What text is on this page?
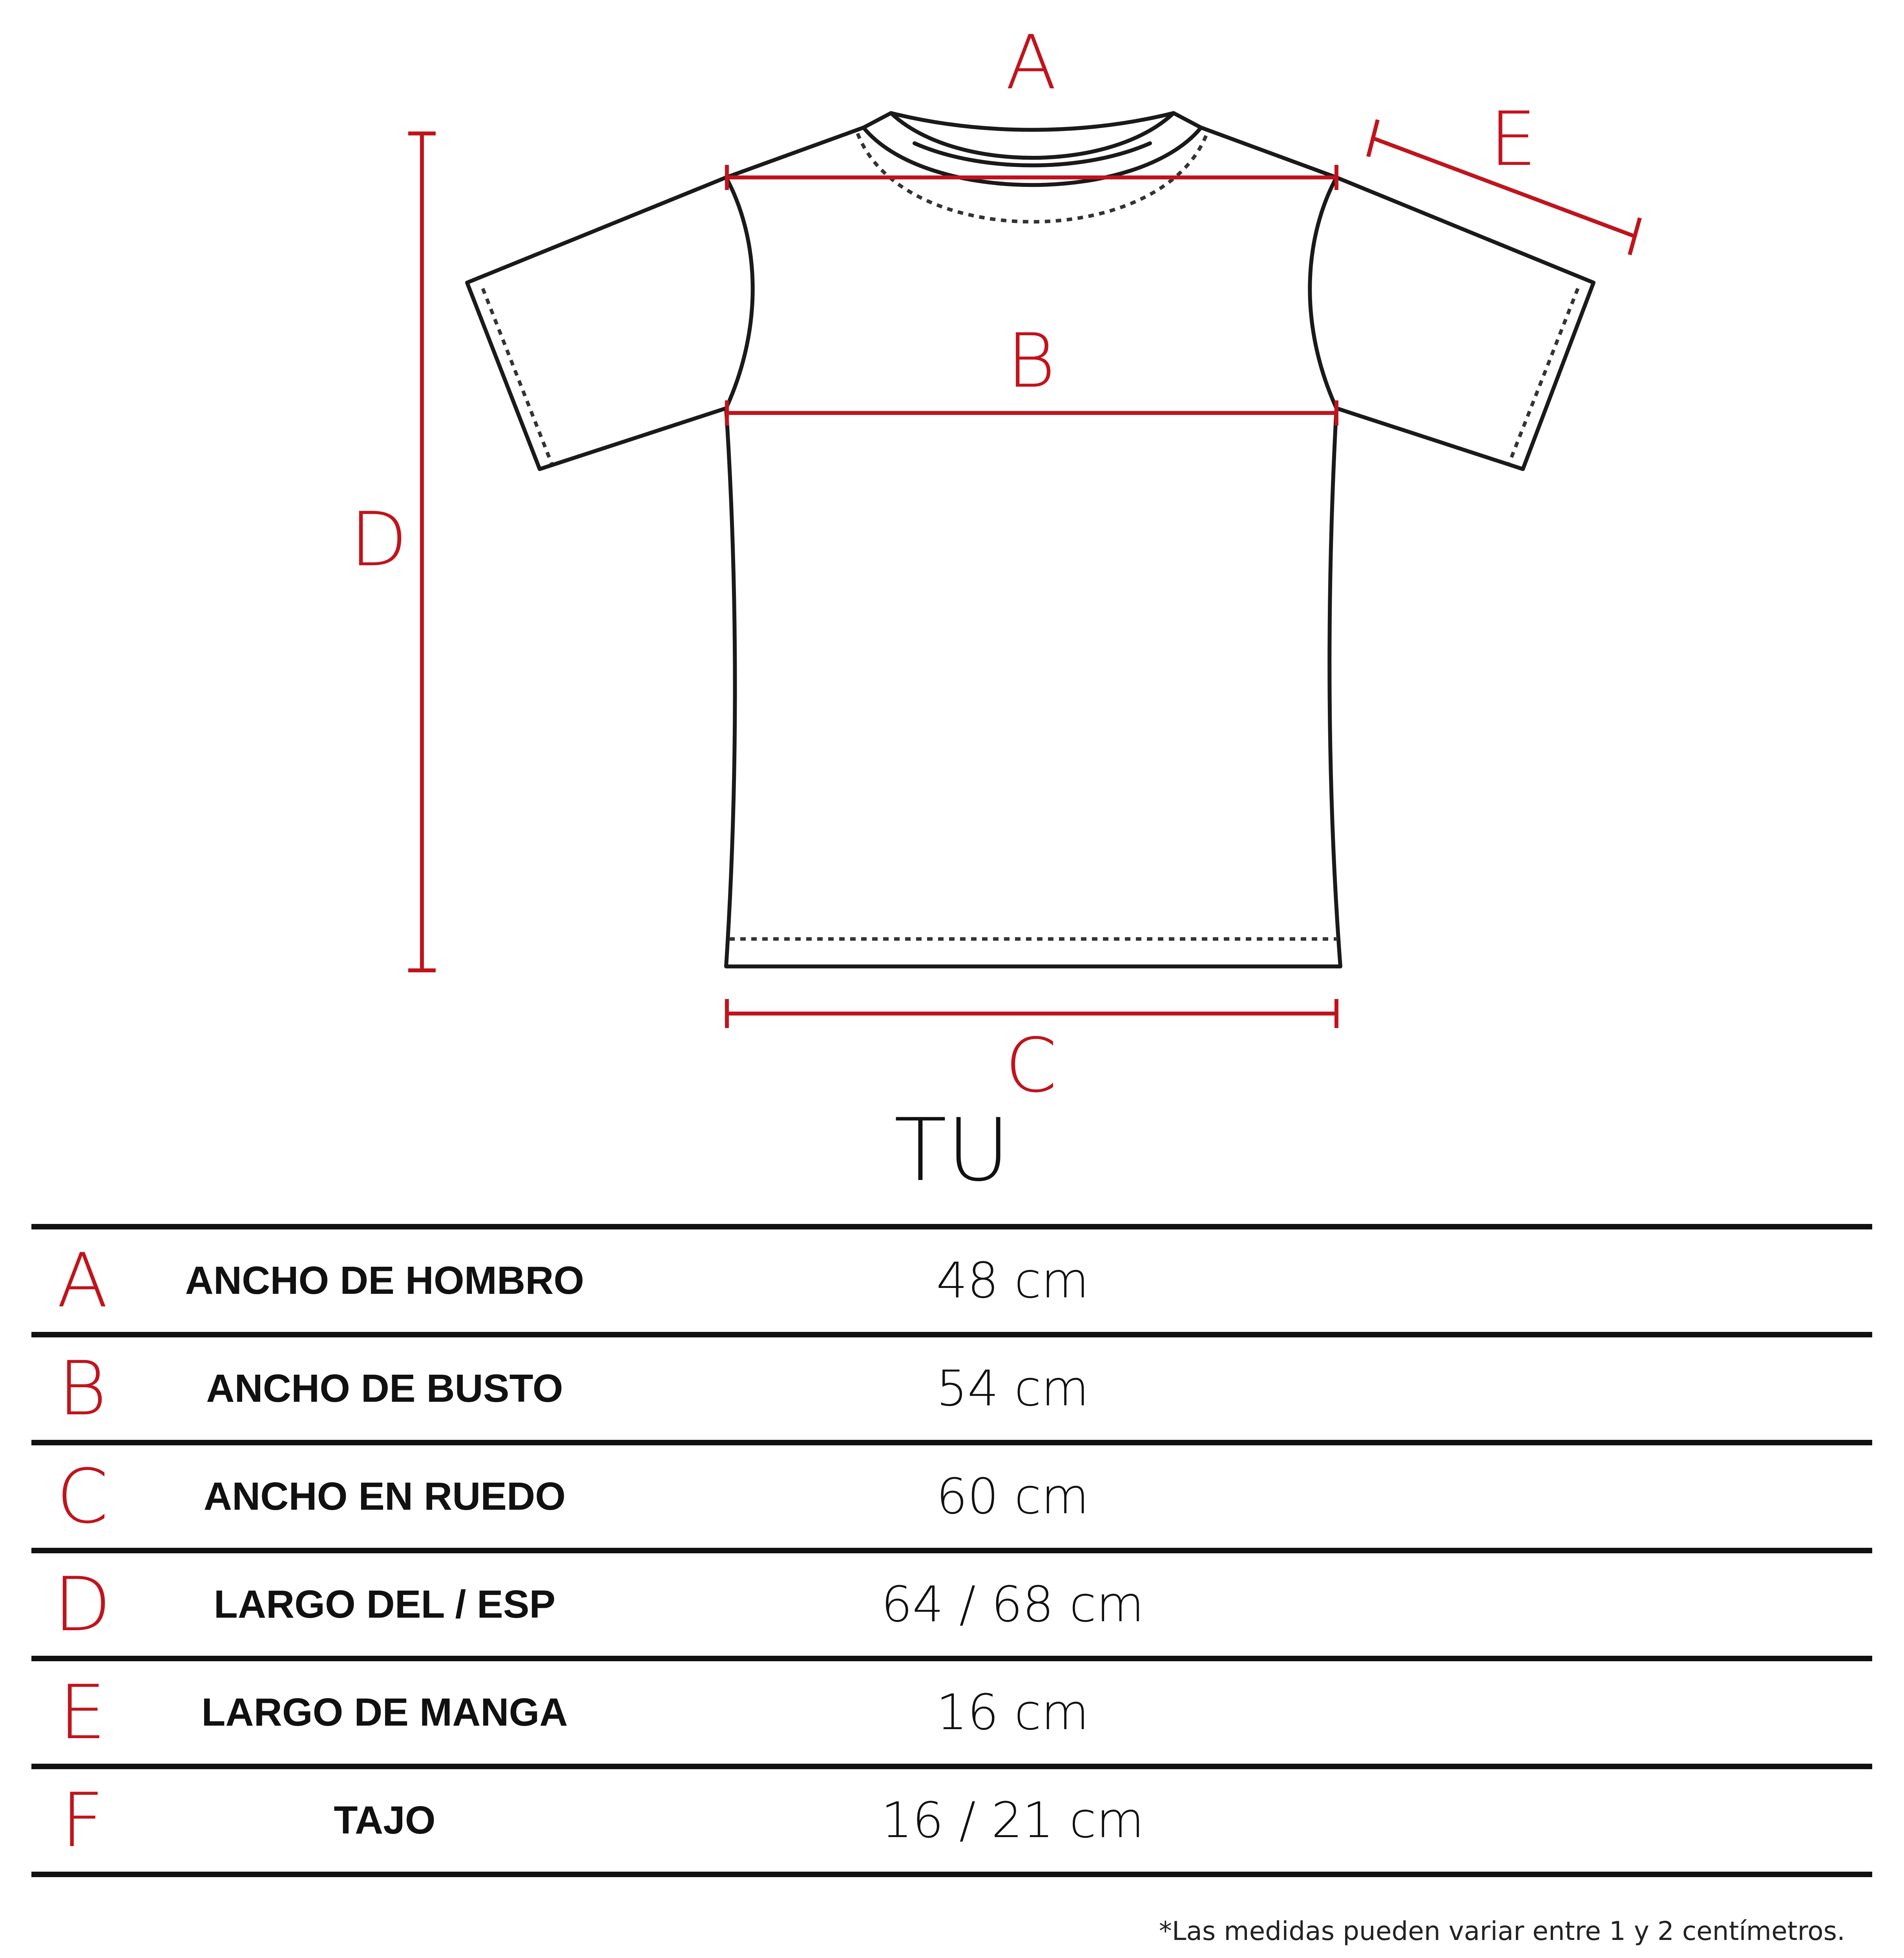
A
B
C
D
E
TU
A	ANCHO DE HOMBRO	48 cm
B	ANCHO DE BUSTO	54 cm
C	ANCHO EN RUEDO	60 cm
D	LARGO DEL / ESP	64 / 68 cm
E	LARGO DE MANGA	16 cm
F	TAJO	16 / 21 cm
*Las medidas pueden variar entre 1 y 2 centímetros.
